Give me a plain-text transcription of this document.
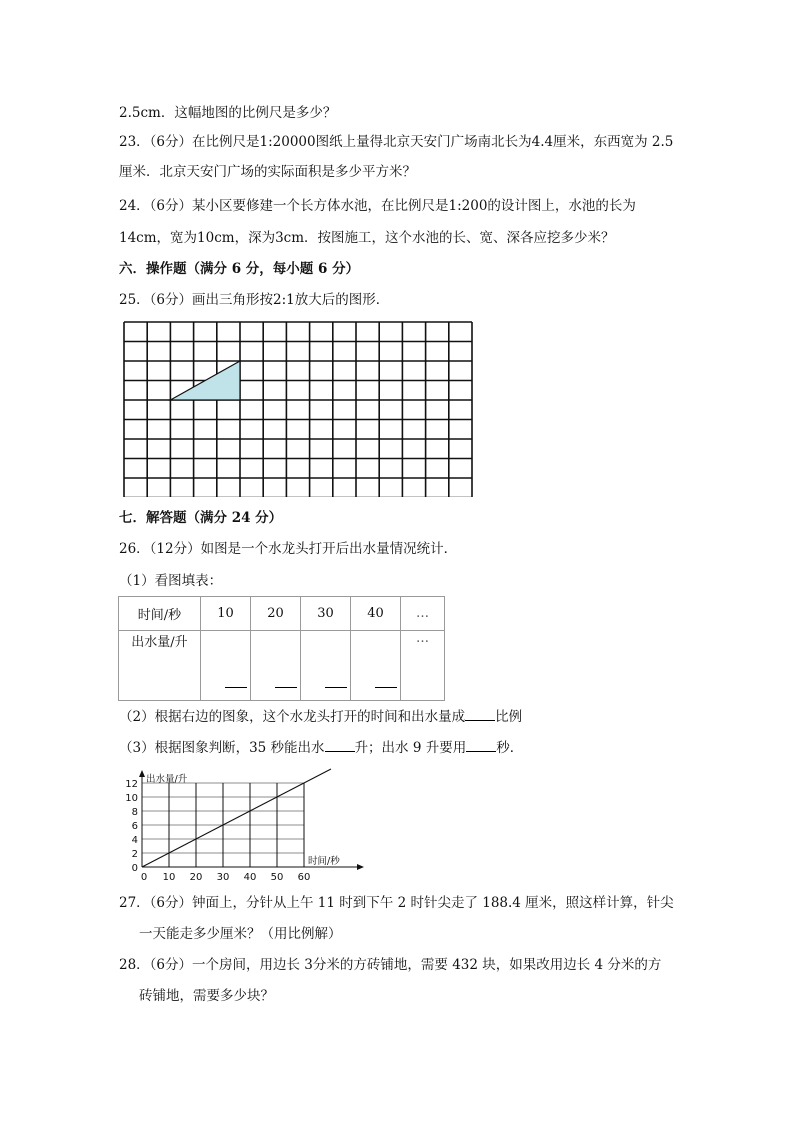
2.5cm．这幅地图的比例尺是多少？
23．（6分）在比例尺是1:20000图纸上量得北京天安门广场南北长为4.4厘米，东西宽为 2.5
厘米．北京天安门广场的实际面积是多少平方米？
24．（6分）某小区要修建一个长方体水池，在比例尺是1:200的设计图上，水池的长为
14cm，宽为10cm，深为3cm．按图施工，这个水池的长、宽、深各应挖多少米？
六．操作题（满分 6 分，每小题 6 分）
25．（6分）画出三角形按2:1放大后的图形．
七．解答题（满分 24 分）
26．（12分）如图是一个水龙头打开后出水量情况统计．
（1）看图填表：
时间/秒	10	20	30	40	…
出水量/升					…
（2）根据右边的图象，这个水龙头打开的时间和出水量成 比例
（3）根据图象判断，35 秒能出水 升；出水 9 升要用 秒．
0
2
4
6
8
10
12
0 10 20 30 40 50 60
出水量/升
时间/秒
27．（6分）钟面上，分针从上午 11 时到下午 2 时针尖走了 188.4 厘米，照这样计算，针尖
一天能走多少厘米？（用比例解）
28．（6分）一个房间，用边长 3分米的方砖铺地，需要 432 块，如果改用边长 4 分米的方
砖铺地，需要多少块？
